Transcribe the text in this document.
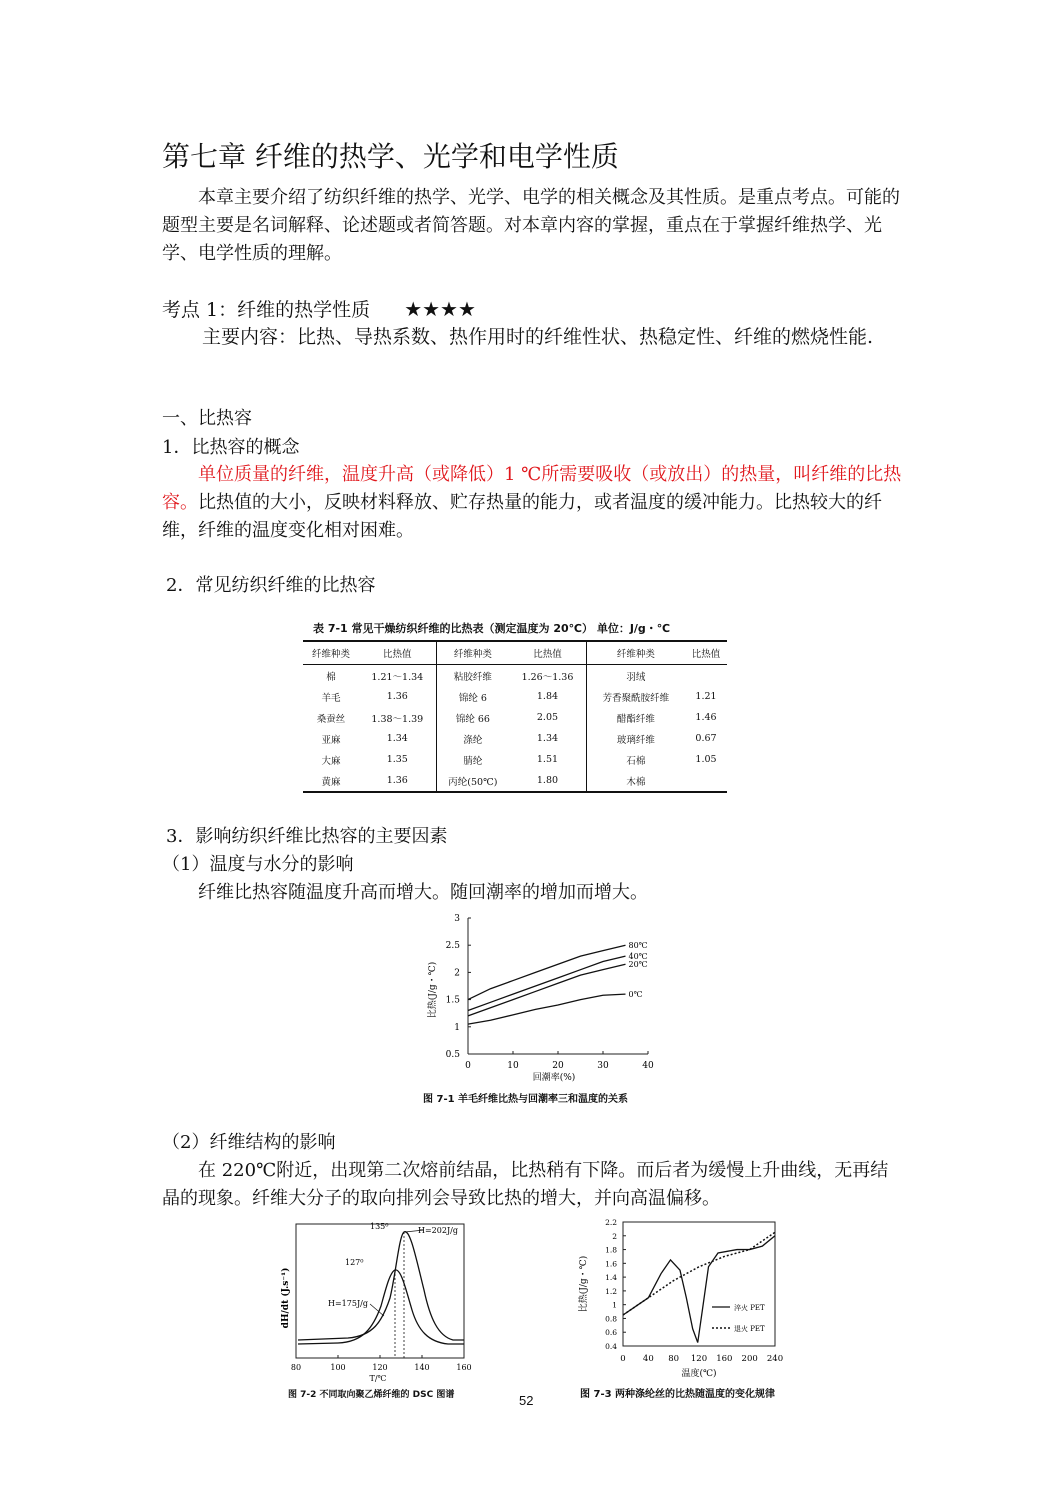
第七章 纤维的热学、光学和电学性质
本章主要介绍了纺织纤维的热学、光学、电学的相关概念及其性质。是重点考点。可能的题型主要是名词解释、论述题或者简答题。对本章内容的掌握，重点在于掌握纤维热学、光学、电学性质的理解。
考点 1：纤维的热学性质 ★★★★
主要内容：比热、导热系数、热作用时的纤维性状、热稳定性、纤维的燃烧性能.
一、比热容
1．比热容的概念
单位质量的纤维，温度升高（或降低）1 ℃所需要吸收（或放出）的热量，叫纤维的比热容。比热值的大小，反映材料释放、贮存热量的能力，或者温度的缓冲能力。比热较大的纤维，纤维的温度变化相对困难。
2．常见纺织纤维的比热容
表 7-1 常见干燥纺织纤维的比热表（测定温度为 20℃） 单位：J/g・℃
纤维种类	比热值	纤维种类	比热值	纤维种类	比热值
棉	1.21～1.34	粘胶纤维	1.26～1.36	羽绒	
羊毛	1.36	锦纶 6	1.84	芳香聚酰胺纤维	1.21
桑蚕丝	1.38～1.39	锦纶 66	2.05	醋酯纤维	1.46
亚麻	1.34	涤纶	1.34	玻璃纤维	0.67
大麻	1.35	腈纶	1.51	石棉	1.05
黄麻	1.36	丙纶(50℃)	1.80	木棉	
3．影响纺织纤维比热容的主要因素
（1）温度与水分的影响
纤维比热容随温度升高而增大。随回潮率的增加而增大。
0	10	20	30	40
0.5
1
1.5
2
2.5
3
80℃
40℃
20℃
0℃
回潮率(%)
比热(J/g・℃)
图 7-1 羊毛纤维比热与回潮率三和温度的关系
（2）纤维结构的影响
在 220℃附近，出现第二次熔前结晶，比热稍有下降。而后者为缓慢上升曲线，无再结晶的现象。纤维大分子的取向排列会导致比热的增大，并向高温偏移。
135⁰	H=202J/g
127⁰
H=175J/g
80	100	120	140	160
T/℃
dH/dt (J.s⁻¹)
图 7-2 不同取向聚乙烯纤维的 DSC 图谱
0 40 80 120 160 200 240
0.4
0.6
0.8
1
1.2
1.4
1.6
1.8
2
2.2
淬火 PET
退火 PET
温度(℃)
比热(J/g・℃)
图 7-3 两种涤纶丝的比热随温度的变化规律
52
